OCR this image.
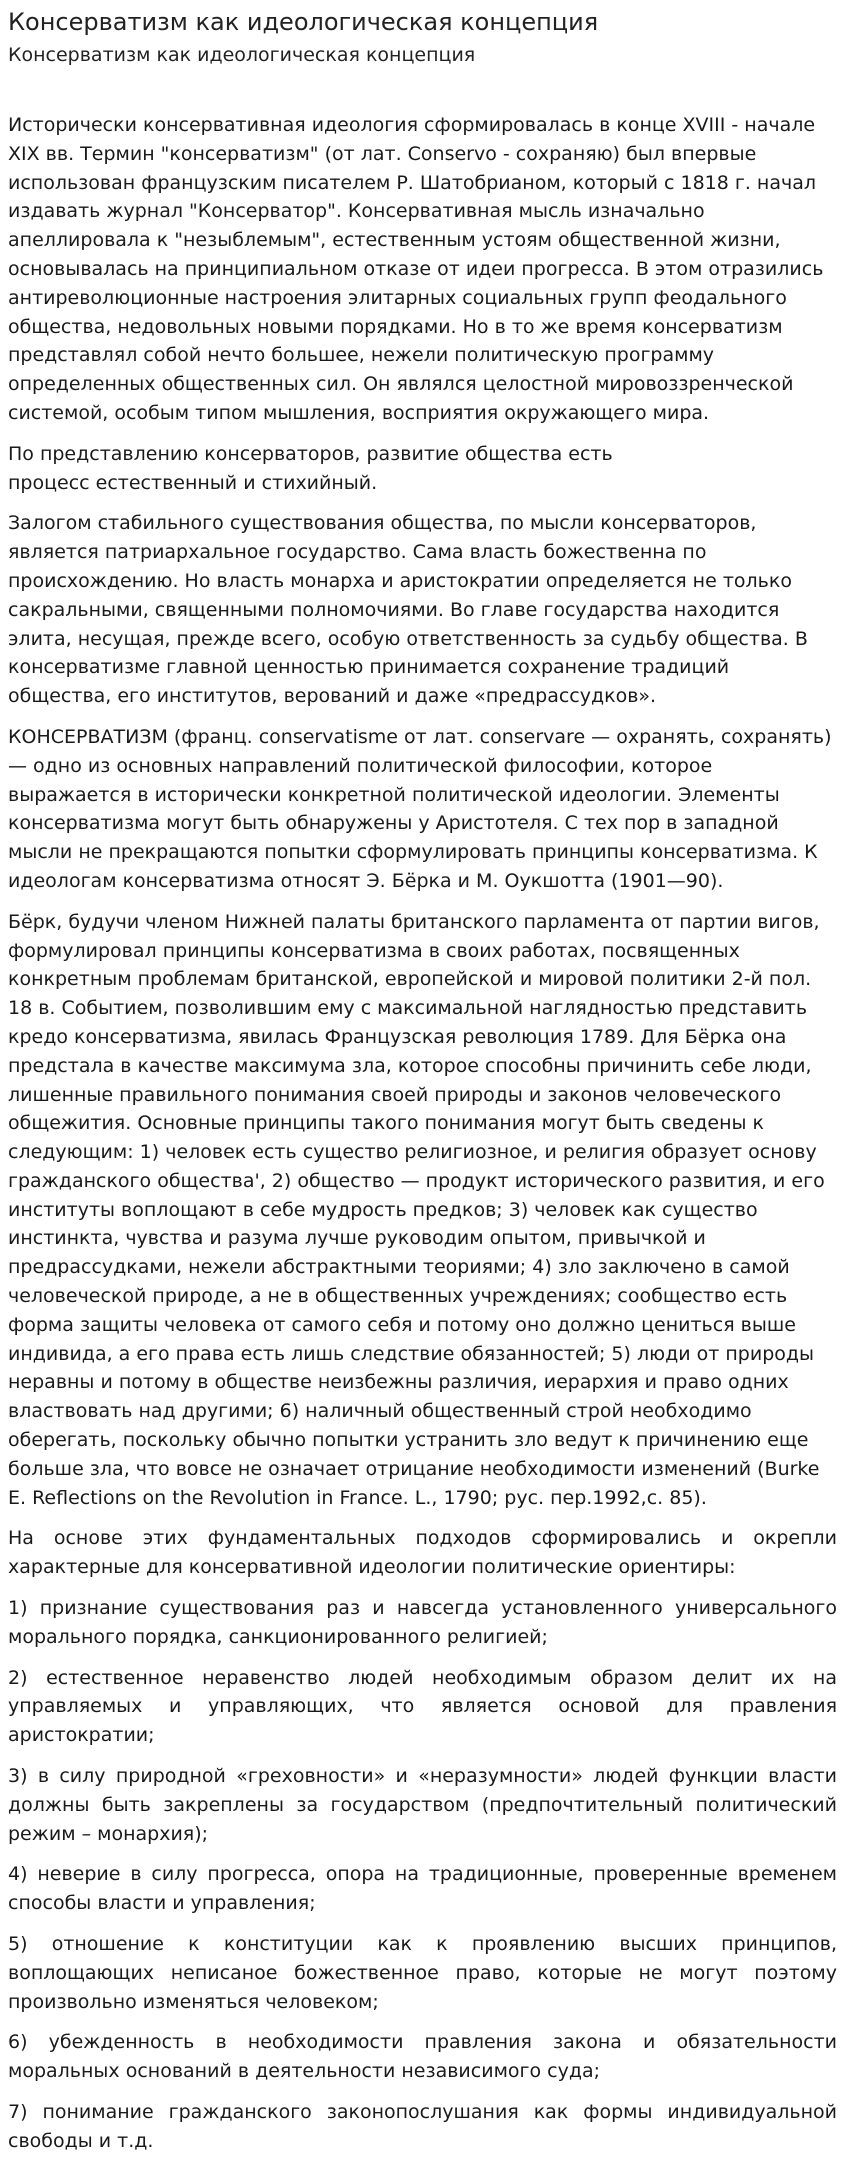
Консерватизм как идеологическая концепция
Консерватизм как идеологическая концепция

Исторически консервативная идеология сформировалась в конце XVIII - начале XIX вв. Термин "консерватизм" (от лат. Conservo - сохраняю) был впервые использован французским писателем Р. Шатобрианом, который с 1818 г. начал издавать журнал "Консерватор". Консервативная мысль изначально апеллировала к "незыблемым", естественным устоям общественной жизни, основывалась на принципиальном отказе от идеи прогресса. В этом отразились антиреволюционные настроения элитарных социальных групп феодального общества, недовольных новыми порядками. Но в то же время консерватизм представлял собой нечто большее, нежели политическую программу определенных общественных сил. Он являлся целостной мировоззренческой системой, особым типом мышления, восприятия окружающего мира.

По представлению консерваторов, развитие общества есть процесс естественный и стихийный.

Залогом стабильного существования общества, по мысли консерваторов, является патриархальное государство. Сама власть божественна по происхождению. Но власть монарха и аристократии определяется не только сакральными, священными полномочиями. Во главе государства находится элита, несущая, прежде всего, особую ответственность за судьбу общества. В консерватизме главной ценностью принимается сохранение традиций общества, его институтов, верований и даже «предрассудков».

КОНСЕРВАТИЗМ (франц. conservatisme от лат. conservare — охранять, сохранять) — одно из основных направлений политической философии, которое выражается в исторически конкретной политической идеологии. Элементы консерватизма могут быть обнаружены у Аристотеля. С тех пор в западной мысли не прекращаются попытки сформулировать принципы консерватизма. К идеологам консерватизма относят Э. Бёрка и М. Оукшотта (1901—90).

Бёрк, будучи членом Нижней палаты британского парламента от партии вигов, формулировал принципы консерватизма в своих работах, посвященных конкретным проблемам британской, европейской и мировой политики 2-й пол. 18 в. Событием, позволившим ему с максимальной наглядностью представить кредо консерватизма, явилась Французская революция 1789. Для Бёрка она предстала в качестве максимума зла, которое способны причинить себе люди, лишенные правильного понимания своей природы и законов человеческого общежития. Основные принципы такого понимания могут быть сведены к следующим: 1) человек есть существо религиозное, и религия образует основу гражданского общества', 2) общество — продукт исторического развития, и его институты воплощают в себе мудрость предков; 3) человек как существо инстинкта, чувства и разума лучше руководим опытом, привычкой и предрассудками, нежели абстрактными теориями; 4) зло заключено в самой человеческой природе, а не в общественных учреждениях; сообщество есть форма защиты человека от самого себя и потому оно должно цениться выше индивида, а его права есть лишь следствие обязанностей; 5) люди от природы неравны и потому в обществе неизбежны различия, иерархия и право одних властвовать над другими; 6) наличный общественный строй необходимо оберегать, поскольку обычно попытки устранить зло ведут к причинению еще больше зла, что вовсе не означает отрицание необходимости изменений (Burke E. Reflections on the Revolution in France. L., 1790; рус. пер.1992,с. 85).

На основе этих фундаментальных подходов сформировались и окрепли характерные для консервативной идеологии политические ориентиры:

1) признание существования раз и навсегда установленного универсального морального порядка, санкционированного религией;

2) естественное неравенство людей необходимым образом делит их на управляемых и управляющих, что является основой для правления аристократии;

3) в силу природной «греховности» и «неразумности» людей функции власти должны быть закреплены за государством (предпочтительный политический режим – монархия);

4) неверие в силу прогресса, опора на традиционные, проверенные временем способы власти и управления;

5) отношение к конституции как к проявлению высших принципов, воплощающих неписаное божественное право, которые не могут поэтому произвольно изменяться человеком;

6) убежденность в необходимости правления закона и обязательности моральных оснований в деятельности независимого суда;

7) понимание гражданского законопослушания как формы индивидуальной свободы и т.д.
